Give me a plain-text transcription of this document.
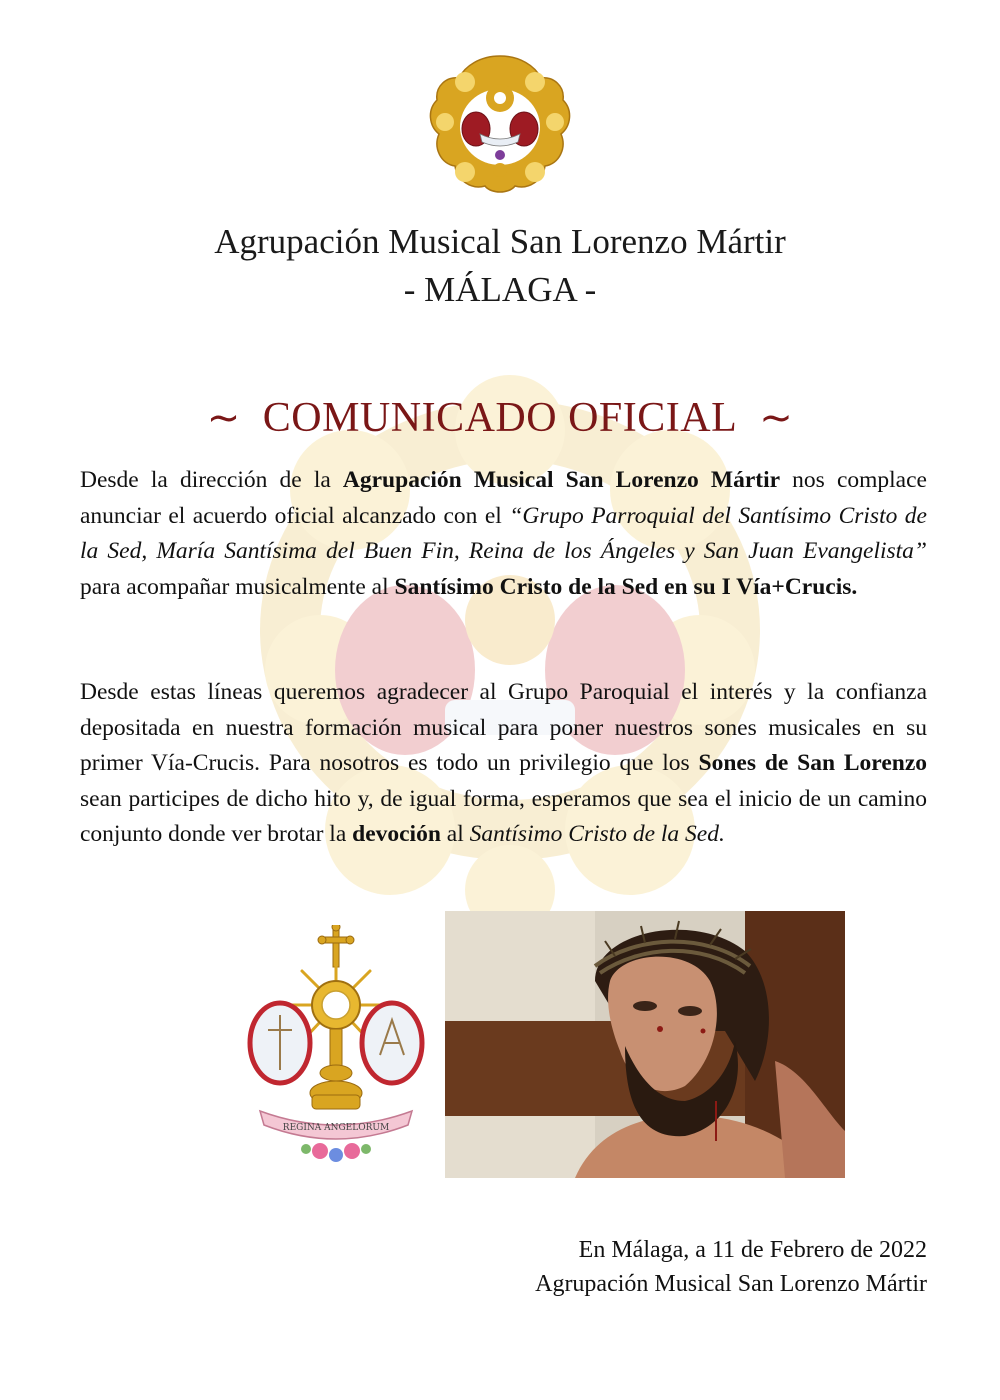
Agrupación Musical San Lorenzo Mártir
- MÁLAGA -
~ COMUNICADO OFICIAL ~
Desde la dirección de la Agrupación Musical San Lorenzo Mártir nos complace anunciar el acuerdo oficial alcanzado con el “Grupo Parroquial del Santísimo Cristo de la Sed, María Santísima del Buen Fin, Reina de los Ángeles y San Juan Evangelista” para acompañar musicalmente al Santísimo Cristo de la Sed en su I Vía+Crucis.
Desde estas líneas queremos agradecer al Grupo Paroquial el interés y la confianza depositada en nuestra formación musical para poner nuestros sones musicales en su primer Vía-Crucis. Para nosotros es todo un privilegio que los Sones de San Lorenzo sean participes de dicho hito y, de igual forma, esperamos que sea el inicio de un camino conjunto donde ver brotar la devoción al Santísimo Cristo de la Sed.
REGINA ANGELORUM
En Málaga, a 11 de Febrero de 2022
Agrupación Musical San Lorenzo Mártir
